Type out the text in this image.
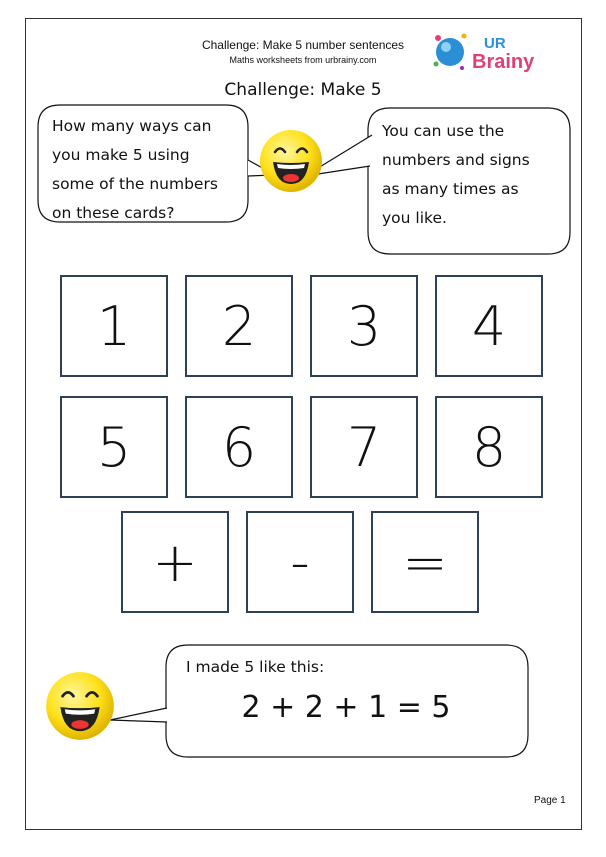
Challenge: Make 5 number sentences
Maths worksheets from urbrainy.com
UR
Brainy
Challenge: Make 5
How many ways can
you make 5 using
some of the numbers
on these cards?
You can use the
numbers and signs
as many times as
you like.
1	2	3	4
5	6	7	8
+	-	=
I made 5 like this:
2 + 2 + 1 = 5
Page 1
